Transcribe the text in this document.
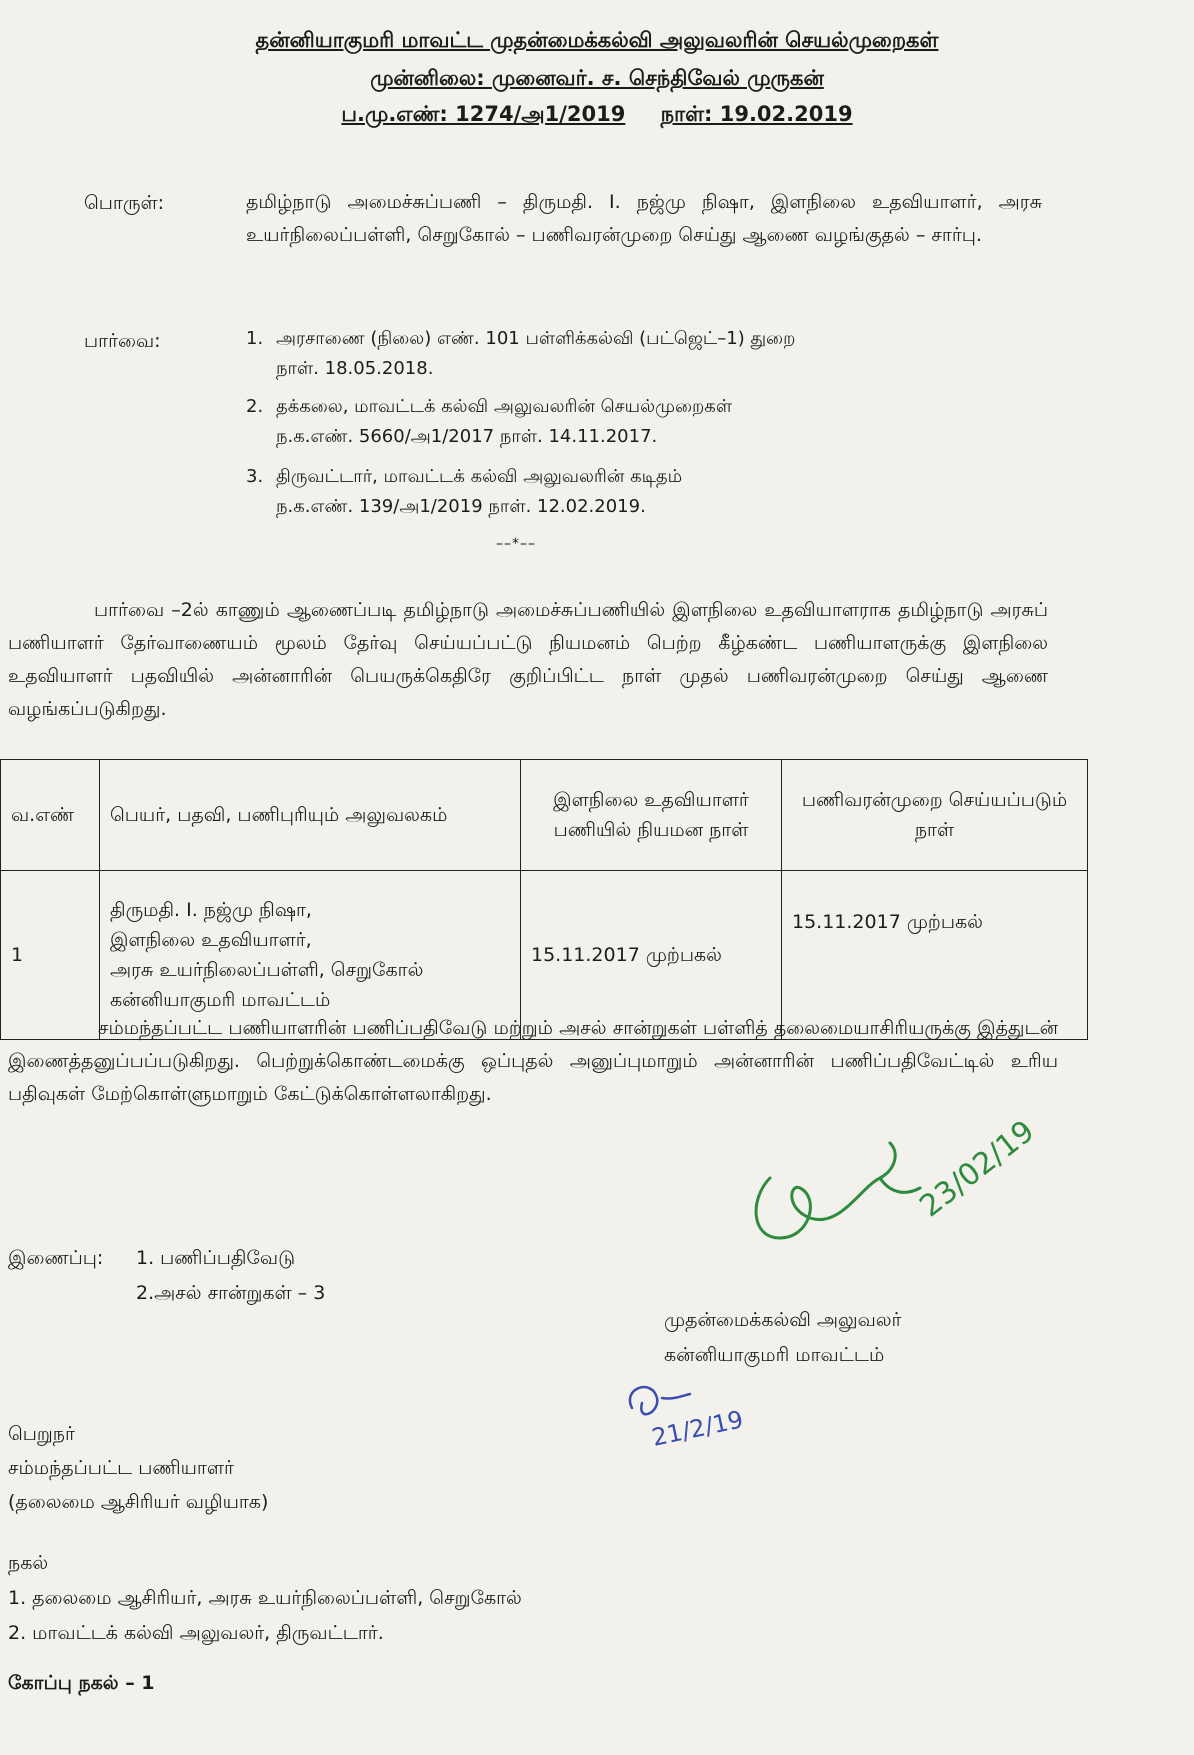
தன்னியாகுமரி மாவட்ட முதன்மைக்கல்வி அலுவலரின் செயல்முறைகள்
முன்னிலை: முனைவர். ச. செந்திவேல் முருகன்
ப.மு.எண்: 1274/அ1/2019 நாள்: 19.02.2019
பொருள்:	தமிழ்நாடு அமைச்சுப்பணி – திருமதி. I. நஜ்மு நிஷா, இளநிலை உதவியாளர், அரசு உயர்நிலைப்பள்ளி, செறுகோல் – பணிவரன்முறை செய்து ஆணை வழங்குதல் – சார்பு.
பார்வை:	1. அரசாணை (நிலை) எண். 101 பள்ளிக்கல்வி (பட்ஜெட்–1) துறை
நாள். 18.05.2018.
2. தக்கலை, மாவட்டக் கல்வி அலுவலரின் செயல்முறைகள்
ந.க.எண். 5660/அ1/2017 நாள். 14.11.2017.
3. திருவட்டார், மாவட்டக் கல்வி அலுவலரின் கடிதம்
ந.க.எண். 139/அ1/2019 நாள். 12.02.2019.
––*––
பார்வை –2ல் காணும் ஆணைப்படி தமிழ்நாடு அமைச்சுப்பணியில் இளநிலை உதவியாளராக தமிழ்நாடு அரசுப் பணியாளர் தேர்வாணையம் மூலம் தேர்வு செய்யப்பட்டு நியமனம் பெற்ற கீழ்கண்ட பணியாளருக்கு இளநிலை உதவியாளர் பதவியில் அன்னாரின் பெயருக்கெதிரே குறிப்பிட்ட நாள் முதல் பணிவரன்முறை செய்து ஆணை வழங்கப்படுகிறது.
வ.எண்	பெயர், பதவி, பணிபுரியும் அலுவலகம்	இளநிலை உதவியாளர் பணியில் நியமன நாள்	பணிவரன்முறை செய்யப்படும் நாள்
1	திருமதி. I. நஜ்மு நிஷா,
இளநிலை உதவியாளர்,
அரசு உயர்நிலைப்பள்ளி, செறுகோல்
கன்னியாகுமரி மாவட்டம்	15.11.2017 முற்பகல்	15.11.2017 முற்பகல்
சம்மந்தப்பட்ட பணியாளரின் பணிப்பதிவேடு மற்றும் அசல் சான்றுகள் பள்ளித் தலைமையாசிரியருக்கு இத்துடன் இணைத்தனுப்பப்படுகிறது. பெற்றுக்கொண்டமைக்கு ஒப்புதல் அனுப்புமாறும் அன்னாரின் பணிப்பதிவேட்டில் உரிய பதிவுகள் மேற்கொள்ளுமாறும் கேட்டுக்கொள்ளலாகிறது.
இணைப்பு: 1. பணிப்பதிவேடு
2.அசல் சான்றுகள் – 3
23/02/19
முதன்மைக்கல்வி அலுவலர்
கன்னியாகுமரி மாவட்டம்
21/2/19
பெறுநர்
சம்மந்தப்பட்ட பணியாளர்
(தலைமை ஆசிரியர் வழியாக)
நகல்
1. தலைமை ஆசிரியர், அரசு உயர்நிலைப்பள்ளி, செறுகோல்
2. மாவட்டக் கல்வி அலுவலர், திருவட்டார்.
கோப்பு நகல் – 1
